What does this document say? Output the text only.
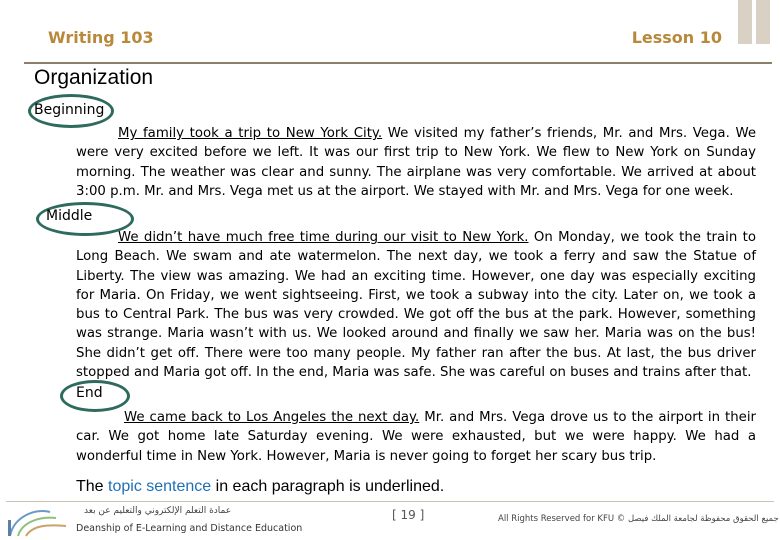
Writing 103	Lesson 10
Organization
Beginning
My family took a trip to New York City. We visited my father’s friends, Mr. and Mrs. Vega. We were very excited before we left. It was our first trip to New York. We flew to New York on Sunday morning. The weather was clear and sunny. The airplane was very comfortable. We arrived at about 3:00 p.m. Mr. and Mrs. Vega met us at the airport. We stayed with Mr. and Mrs. Vega for one week.
Middle
We didn’t have much free time during our visit to New York. On Monday, we took the train to Long Beach. We swam and ate watermelon. The next day, we took a ferry and saw the Statue of Liberty. The view was amazing. We had an exciting time. However, one day was especially exciting for Maria. On Friday, we went sightseeing. First, we took a subway into the city. Later on, we took a bus to Central Park. The bus was very crowded. We got off the bus at the park. However, something was strange. Maria wasn’t with us. We looked around and finally we saw her. Maria was on the bus! She didn’t get off. There were too many people. My father ran after the bus. At last, the bus driver stopped and Maria got off. In the end, Maria was safe. She was careful on buses and trains after that.
End
We came back to Los Angeles the next day. Mr. and Mrs. Vega drove us to the airport in their car. We got home late Saturday evening. We were exhausted, but we were happy. We had a wonderful time in New York. However, Maria is never going to forget her scary bus trip.
The topic sentence in each paragraph is underlined.
عمادة التعلم الإلكتروني والتعليم عن بعد
Deanship of E-Learning and Distance Education
[ 19 ]	All Rights Reserved for KFU © جميع الحقوق محفوظة لجامعة الملك فيصل
